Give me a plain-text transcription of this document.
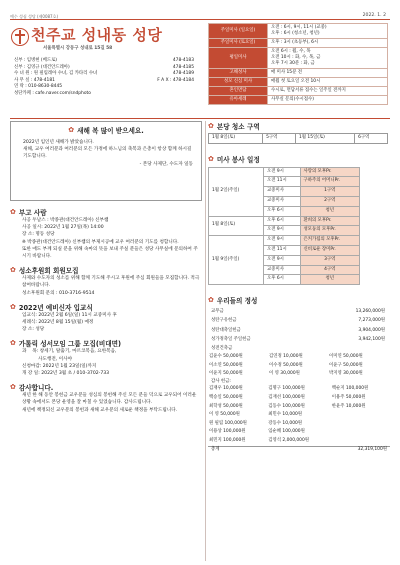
예수 성심 성당 (제0087호)	2022. 1. 2
천주교 성내동 성당
서울특별시 강동구 성내로 15길 58
신부 : 임병현 (베드로)	478-4183
신부 : 김영규 (대건안드레아)	478-4185
수 녀 원 : 원 필립레아 수녀, 김 카타리 수녀	478-4189
사 무 실 : 478-4181	F A X : 478-4184
연 락 : 010-8630-8445
성단카페 : cafe.naver.com/sndphoto
주일미사 (일요일)	오전 : 6시, 9시, 11시 (교중)
오후 : 6시 (청소년, 청년)
주일미사 (토요일)	오후 : 3시 (초등부), 6시
평일미사	오전 6시 : 월, 수, 목
오전 10시 : 화, 수, 목, 금
오후 7시 30분 : 화, 금
고해성사	매 미사 15분 전
성모 신심 미사	매월 첫 토요일 오전 10시
혼인면담	수시로, 면담서류 접수는 일주일 전까지
유아세례	사무실 문의(수시접수)
✿ 새해 복 많이 받으세요.
2022년 임인년 새해가 밝았습니다.
새해, 교우 여러분과 여러분의 모든 가정에 하느님의 축복과 은총이 항상 함께 하시길 기도합니다.
- 본당 사제단, 수도자 일동
✿ 부고 사람
사공 두날스 : 박종관(대건안드레아) 신부쌤
사공 일시: 2022년 1월 27일(목) 14:00
장 소: 명동 성당
※ 박종관(대건안드레아) 신부쌤의 부제시공예 교우 여러분의 기도를 청합니다.
또한 애도 부께 되실 분을 위해 속마의 뜻을 보내 주실 분들은 성당 사무실에 문의하여 주시기 바랍니다.
✿ 성소후원회 회원모집
사제와 수도자의 성소를 위해 함께 기도해 주시고 후원에 주심 회원들을 모집합니다. 적극 참여바랍니다.
성소후원회 문의 : 010-3716-9514
✿ 2022년 예비신자 입교식
입교식: 2022년 2월 6일(일) 11시 교중미사 후
세례식: 2022년 8월 15일(월) 예정
장 소: 성당
✿ 가톨릭 성서모임 그룹 모집(비대면)
과    목: 창세기, 탈출기, 마르코복음, 요한복음,
사도행전, 이사야
신청마감: 2022년 1월 23일(일)까지
개 강 일: 2022년 3월 초 / 010-3702-733
✿ 감사합니다.
새년 한 해 동안 봉헌금 교우분들 성심의 봉헌해 주신 모든 분들 덕으로 교우되어 이러운 상황 속에서도 본당 운영을 잘 마칠 수 있었습니다. 감사드립니다.
새년에 책정되신 교우분의 봉헌과 새해 교우분의 새로운 책정을 부탁드립니다.
✿ 본당 청소 구역
1월 8일(토)	5구역	1월 15일(토)	6구역
✿ 미사 봉사 일정
1월 2일(주일)	오전 9시	사랑의 모후Pr.
	오전 11시	구하주의 어머니Pr.
	교중미사	1구역
	교중미사	2구역
	오후 6시	청년
1월 8일(토)	오후 6시	환희의 모후Pr.
	오전 9시	성모둥의 모후Pr.
1월 9일(주일)	오전 9시	은커가됨의 모후Pr.
	오전 11시	신비로운 장미Pr.
	오전 9시	3구역
	교중미사	4구역
	오후 6시	청년
✿ 우리들의 정성
교무금	13,260,000원
성탄구유헌금	7,273,000원
성탄대축일헌금	3,904,000원
성가정축일 주일헌금	3,942,100원
성전건축금
김윤수 50,000원	김연정 10,000원	이미연 50,000원
이소연 50,000원	이수정 50,000원	이윤구 50,000원
이윤지 50,000원	이 영 30,000원	박지영 30,000원
감사 헌금:
김재우 10,000원	김명구 100,000원	백순지 100,000원
백승일 50,000원	김재선 100,000원	이용주 50,000원
최학성 50,000원	김동수 100,000원	한윤주 10,000원
이 영 50,000원	최민수 10,000원	
원 필립 100,000원	강동수 10,000원	
이용상 100,000원	임순혜 100,000원	
최민지 100,000원	김영석 2,000,000원	
총계	32,319,100원
